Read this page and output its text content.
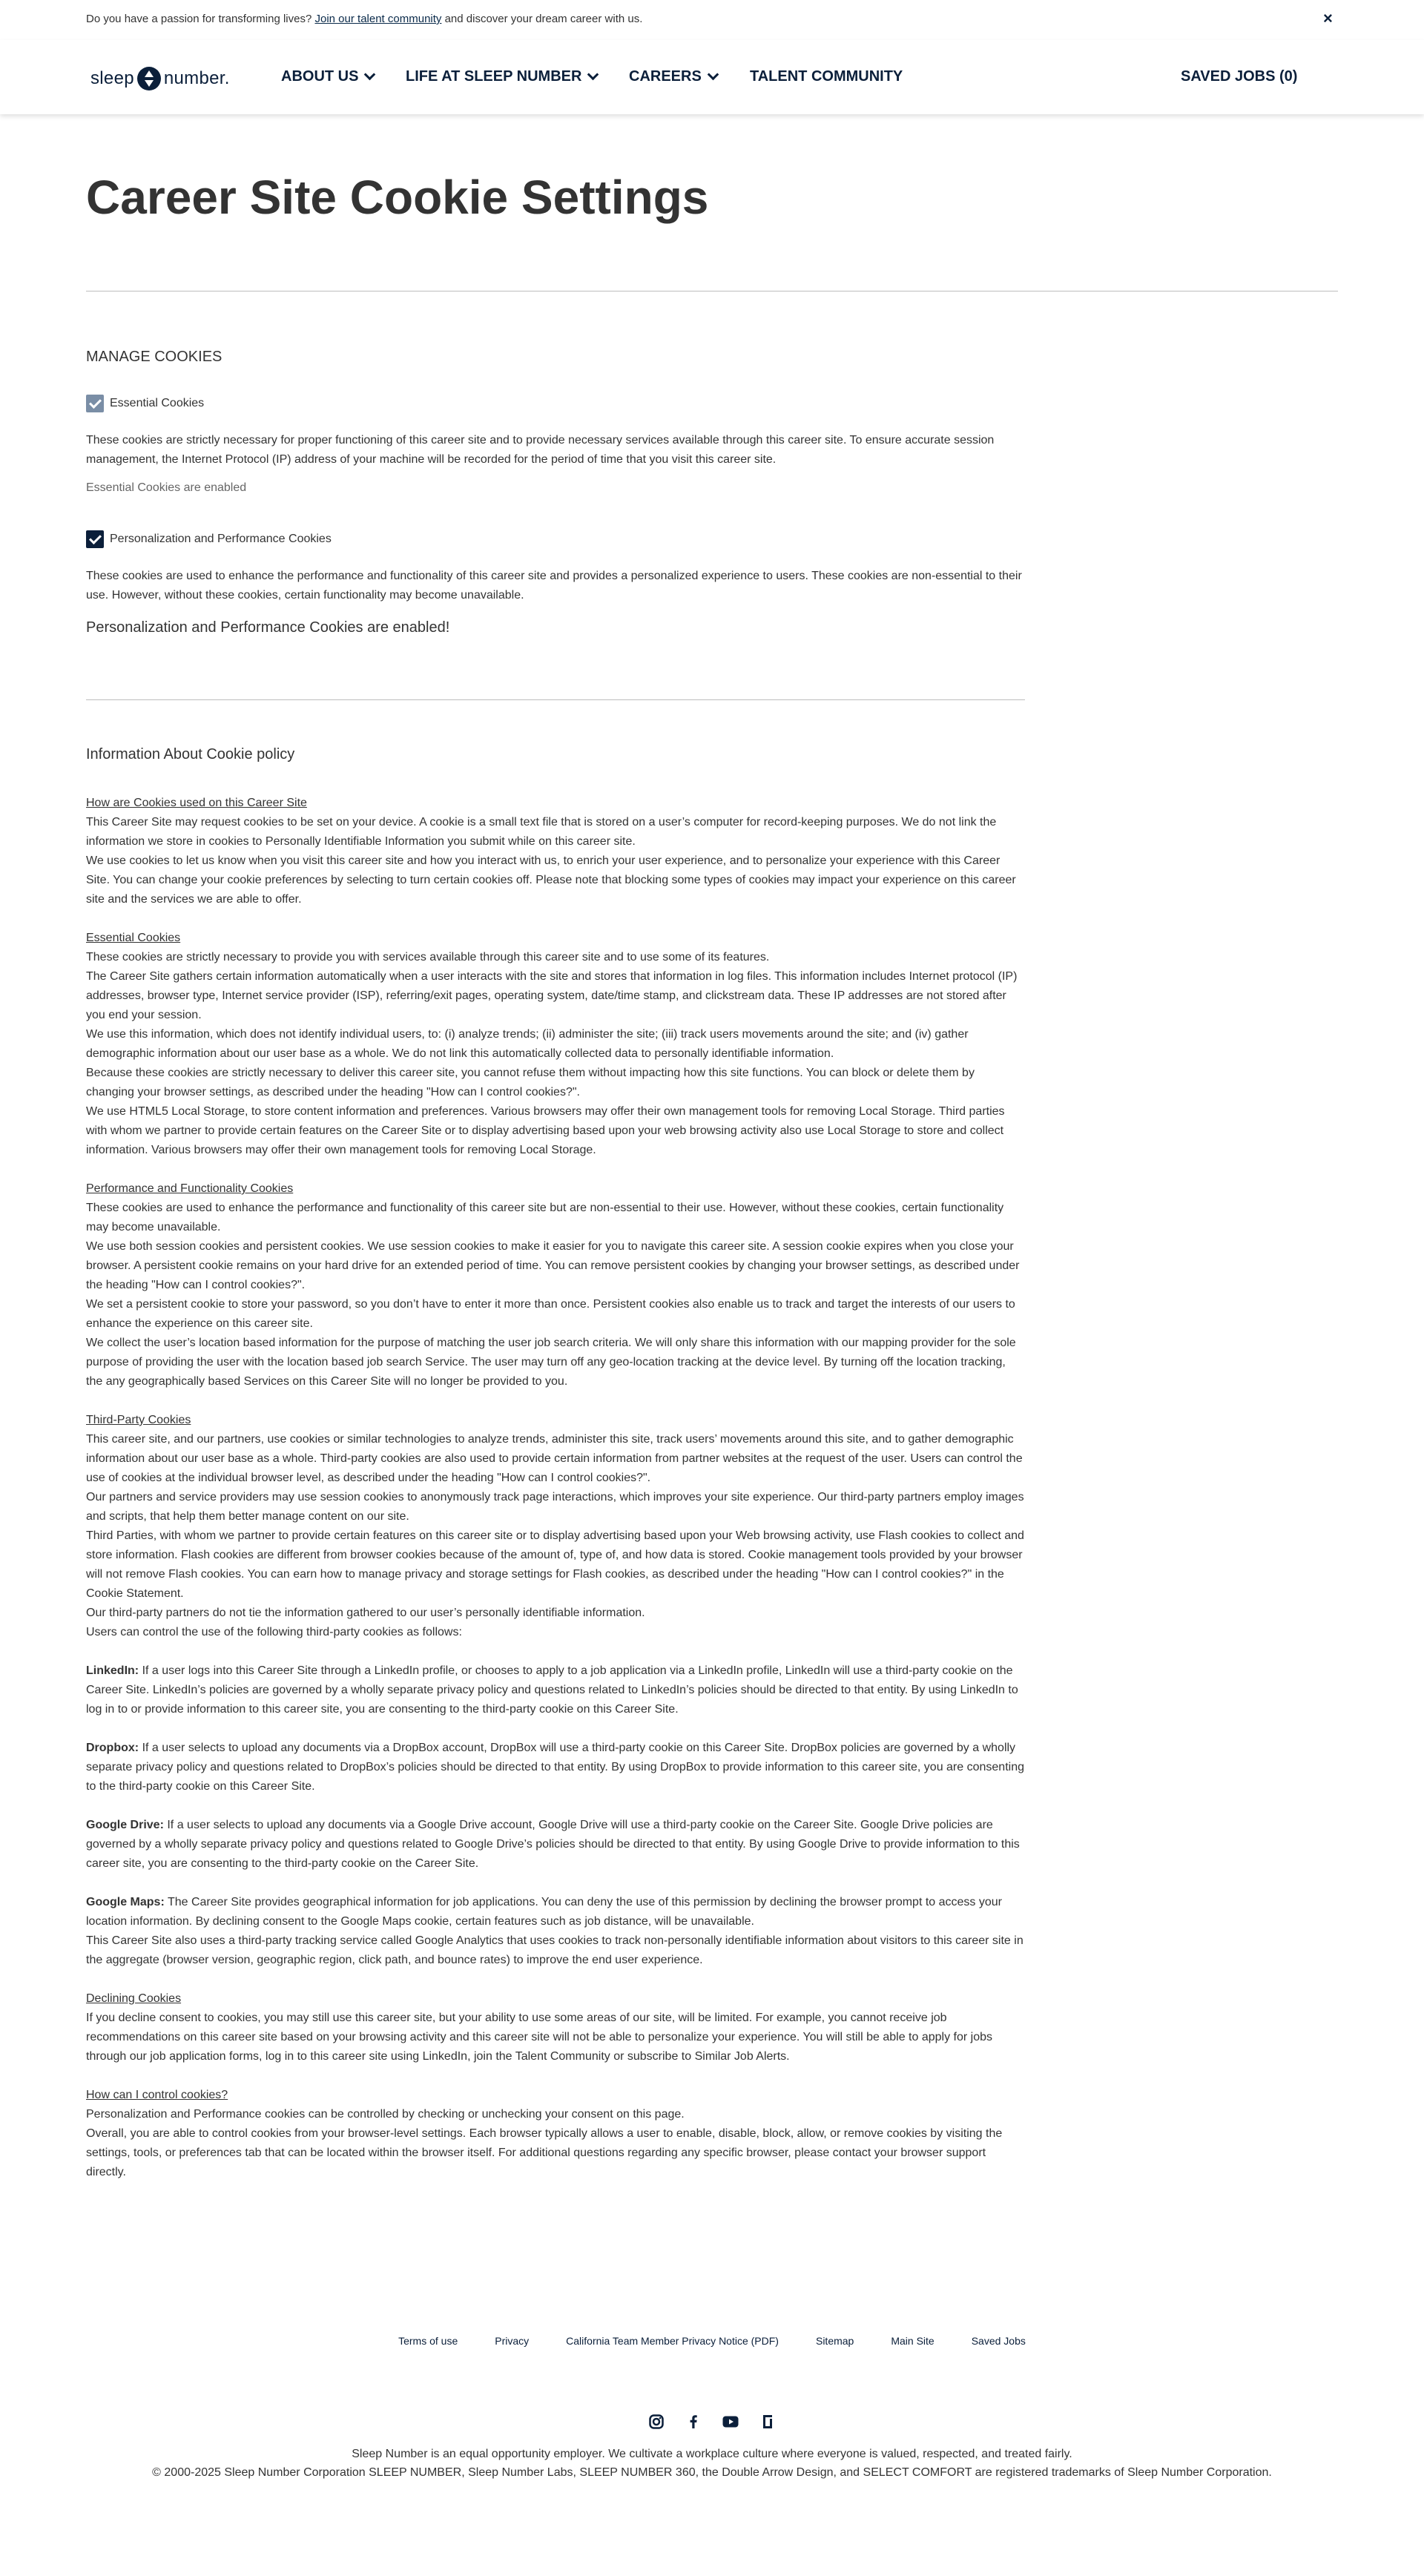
Do you have a passion for transforming lives? Join our talent community and discover your dream career with us.	×
sleep number.	ABOUT US	LIFE AT SLEEP NUMBER	CAREERS	TALENT COMMUNITY	SAVED JOBS (0)
Career Site Cookie Settings
MANAGE COOKIES
Essential Cookies

These cookies are strictly necessary for proper functioning of this career site and to provide necessary services available through this career site. To ensure accurate session management, the Internet Protocol (IP) address of your machine will be recorded for the period of time that you visit this career site.

Essential Cookies are enabled
Personalization and Performance Cookies

These cookies are used to enhance the performance and functionality of this career site and provides a personalized experience to users. These cookies are non-essential to their use. However, without these cookies, certain functionality may become unavailable.

Personalization and Performance Cookies are enabled!
Information About Cookie policy

How are Cookies used on this Career Site

This Career Site may request cookies to be set on your device. A cookie is a small text file that is stored on a user’s computer for record-keeping purposes. We do not link the information we store in cookies to Personally Identifiable Information you submit while on this career site.

We use cookies to let us know when you visit this career site and how you interact with us, to enrich your user experience, and to personalize your experience with this Career Site. You can change your cookie preferences by selecting to turn certain cookies off. Please note that blocking some types of cookies may impact your experience on this career site and the services we are able to offer.

Essential Cookies

These cookies are strictly necessary to provide you with services available through this career site and to use some of its features.

The Career Site gathers certain information automatically when a user interacts with the site and stores that information in log files. This information includes Internet protocol (IP) addresses, browser type, Internet service provider (ISP), referring/exit pages, operating system, date/time stamp, and clickstream data. These IP addresses are not stored after you end your session.

We use this information, which does not identify individual users, to: (i) analyze trends; (ii) administer the site; (iii) track users movements around the site; and (iv) gather demographic information about our user base as a whole. We do not link this automatically collected data to personally identifiable information.

Because these cookies are strictly necessary to deliver this career site, you cannot refuse them without impacting how this site functions. You can block or delete them by changing your browser settings, as described under the heading "How can I control cookies?".

We use HTML5 Local Storage, to store content information and preferences. Various browsers may offer their own management tools for removing Local Storage. Third parties with whom we partner to provide certain features on the Career Site or to display advertising based upon your web browsing activity also use Local Storage to store and collect information. Various browsers may offer their own management tools for removing Local Storage.

Performance and Functionality Cookies

These cookies are used to enhance the performance and functionality of this career site but are non-essential to their use. However, without these cookies, certain functionality may become unavailable.

We use both session cookies and persistent cookies. We use session cookies to make it easier for you to navigate this career site. A session cookie expires when you close your browser. A persistent cookie remains on your hard drive for an extended period of time. You can remove persistent cookies by changing your browser settings, as described under the heading "How can I control cookies?".

We set a persistent cookie to store your password, so you don’t have to enter it more than once. Persistent cookies also enable us to track and target the interests of our users to enhance the experience on this career site.

We collect the user’s location based information for the purpose of matching the user job search criteria. We will only share this information with our mapping provider for the sole purpose of providing the user with the location based job search Service. The user may turn off any geo-location tracking at the device level. By turning off the location tracking, the any geographically based Services on this Career Site will no longer be provided to you.

Third-Party Cookies

This career site, and our partners, use cookies or similar technologies to analyze trends, administer this site, track users’ movements around this site, and to gather demographic information about our user base as a whole. Third-party cookies are also used to provide certain information from partner websites at the request of the user. Users can control the use of cookies at the individual browser level, as described under the heading "How can I control cookies?".

Our partners and service providers may use session cookies to anonymously track page interactions, which improves your site experience. Our third-party partners employ images and scripts, that help them better manage content on our site.

Third Parties, with whom we partner to provide certain features on this career site or to display advertising based upon your Web browsing activity, use Flash cookies to collect and store information. Flash cookies are different from browser cookies because of the amount of, type of, and how data is stored. Cookie management tools provided by your browser will not remove Flash cookies. You can earn how to manage privacy and storage settings for Flash cookies, as described under the heading "How can I control cookies?" in the Cookie Statement.

Our third-party partners do not tie the information gathered to our user’s personally identifiable information.

Users can control the use of the following third-party cookies as follows:

LinkedIn: If a user logs into this Career Site through a LinkedIn profile, or chooses to apply to a job application via a LinkedIn profile, LinkedIn will use a third-party cookie on the Career Site. LinkedIn’s policies are governed by a wholly separate privacy policy and questions related to LinkedIn’s policies should be directed to that entity. By using LinkedIn to log in to or provide information to this career site, you are consenting to the third-party cookie on this Career Site.

Dropbox: If a user selects to upload any documents via a DropBox account, DropBox will use a third-party cookie on this Career Site. DropBox policies are governed by a wholly separate privacy policy and questions related to DropBox’s policies should be directed to that entity. By using DropBox to provide information to this career site, you are consenting to the third-party cookie on this Career Site.

Google Drive: If a user selects to upload any documents via a Google Drive account, Google Drive will use a third-party cookie on the Career Site. Google Drive policies are governed by a wholly separate privacy policy and questions related to Google Drive’s policies should be directed to that entity. By using Google Drive to provide information to this career site, you are consenting to the third-party cookie on the Career Site.

Google Maps: The Career Site provides geographical information for job applications. You can deny the use of this permission by declining the browser prompt to access your location information. By declining consent to the Google Maps cookie, certain features such as job distance, will be unavailable.

This Career Site also uses a third-party tracking service called Google Analytics that uses cookies to track non-personally identifiable information about visitors to this career site in the aggregate (browser version, geographic region, click path, and bounce rates) to improve the end user experience.

Declining Cookies

If you decline consent to cookies, you may still use this career site, but your ability to use some areas of our site, will be limited. For example, you cannot receive job recommendations on this career site based on your browsing activity and this career site will not be able to personalize your experience. You will still be able to apply for jobs through our job application forms, log in to this career site using LinkedIn, join the Talent Community or subscribe to Similar Job Alerts.

How can I control cookies?

Personalization and Performance cookies can be controlled by checking or unchecking your consent on this page.

Overall, you are able to control cookies from your browser-level settings. Each browser typically allows a user to enable, disable, block, allow, or remove cookies by visiting the settings, tools, or preferences tab that can be located within the browser itself. For additional questions regarding any specific browser, please contact your browser support directly.

Terms of use	Privacy	California Team Member Privacy Notice (PDF)	Sitemap	Main Site	Saved Jobs
Sleep Number is an equal opportunity employer. We cultivate a workplace culture where everyone is valued, respected, and treated fairly.
© 2000-2025 Sleep Number Corporation SLEEP NUMBER, Sleep Number Labs, SLEEP NUMBER 360, the Double Arrow Design, and SELECT COMFORT are registered trademarks of Sleep Number Corporation.
